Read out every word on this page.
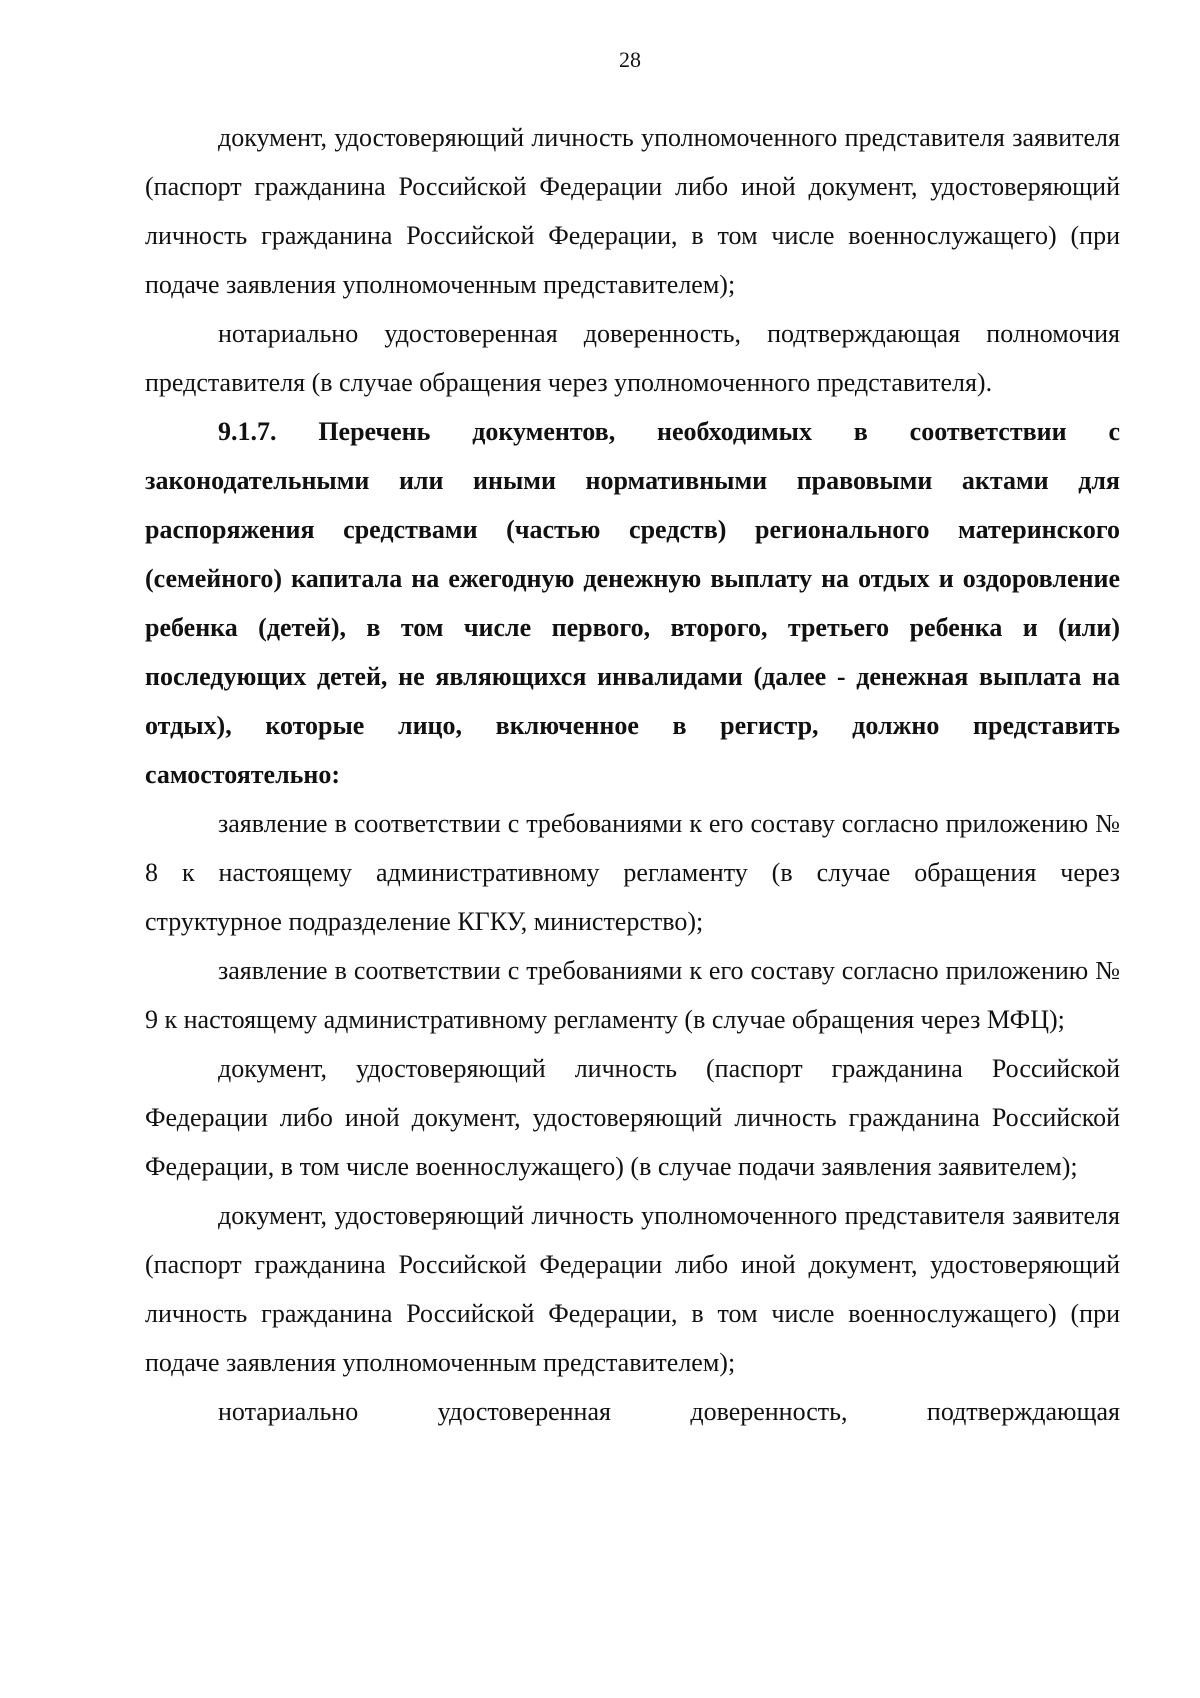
28

документ, удостоверяющий личность уполномоченного представителя заявителя (паспорт гражданина Российской Федерации либо иной документ, удостоверяющий личность гражданина Российской Федерации, в том числе военнослужащего) (при подаче заявления уполномоченным представителем);

нотариально удостоверенная доверенность, подтверждающая полномочия представителя (в случае обращения через уполномоченного представителя).

9.1.7. Перечень документов, необходимых в соответствии с законодательными или иными нормативными правовыми актами для распоряжения средствами (частью средств) регионального материнского (семейного) капитала на ежегодную денежную выплату на отдых и оздоровление ребенка (детей), в том числе первого, второго, третьего ребенка и (или) последующих детей, не являющихся инвалидами (далее - денежная выплата на отдых), которые лицо, включенное в регистр, должно представить самостоятельно:

заявление в соответствии с требованиями к его составу согласно приложению № 8 к настоящему административному регламенту (в случае обращения через структурное подразделение КГКУ, министерство);

заявление в соответствии с требованиями к его составу согласно приложению № 9 к настоящему административному регламенту (в случае обращения через МФЦ);

документ, удостоверяющий личность (паспорт гражданина Российской Федерации либо иной документ, удостоверяющий личность гражданина Российской Федерации, в том числе военнослужащего) (в случае подачи заявления заявителем);

документ, удостоверяющий личность уполномоченного представителя заявителя (паспорт гражданина Российской Федерации либо иной документ, удостоверяющий личность гражданина Российской Федерации, в том числе военнослужащего) (при подаче заявления уполномоченным представителем);

нотариально удостоверенная доверенность, подтверждающая
